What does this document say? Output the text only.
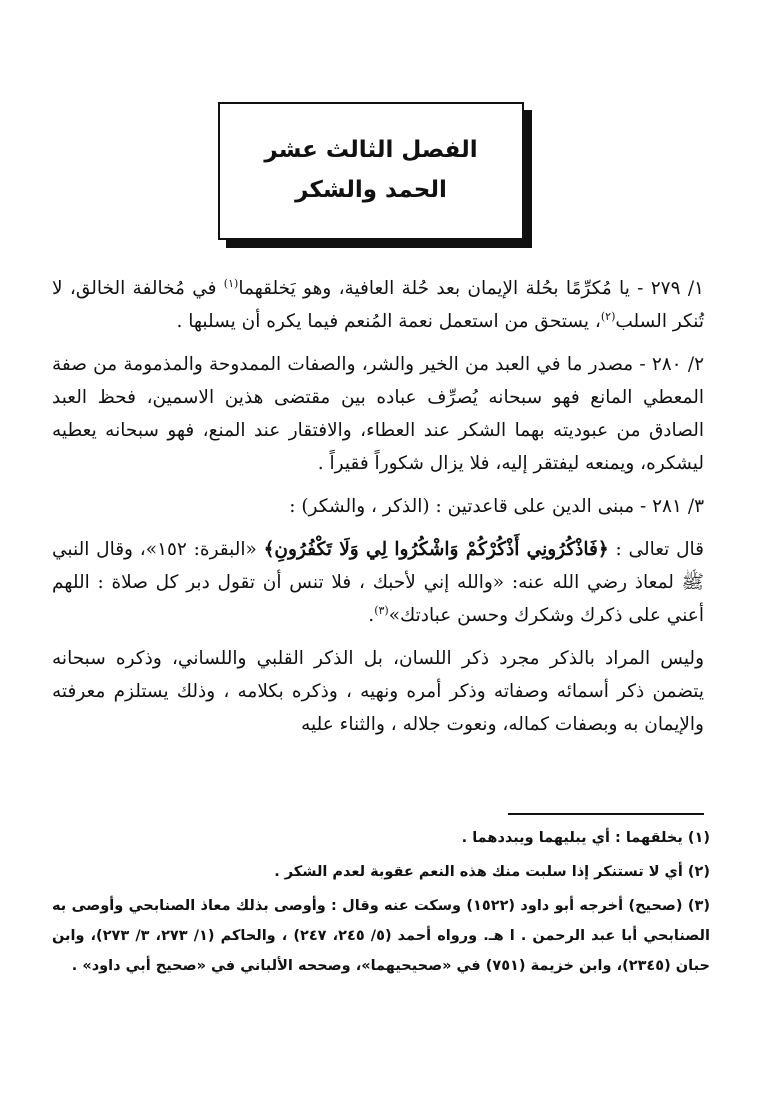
الفصل الثالث عشر
الحمد والشكر

١/ ٢٧٩ - يا مُكرِّمًا بحُلة الإيمان بعد حُلة العافية، وهو يَخلقهما$^{(١)}$ في مُخالفة الخالق، لا تُنكر السلب$^{(٢)}$، يستحق من استعمل نعمة المُنعم فيما يكره أن يسلبها .

٢/ ٢٨٠ - مصدر ما في العبد من الخير والشر، والصفات الممدوحة والمذمومة من صفة المعطي المانع فهو سبحانه يُصرِّف عباده بين مقتضى هذين الاسمين، فحظ العبد الصادق من عبوديته بهما الشكر عند العطاء، والافتقار عند المنع، فهو سبحانه يعطيه ليشكره، ويمنعه ليفتقر إليه، فلا يزال شكوراً فقيراً .

٣/ ٢٨١ - مبنى الدين على قاعدتين : (الذكر ، والشكر) :

قال تعالى : ﴿فَاذْكُرُونِي أَذْكُرْكُمْ وَاشْكُرُوا لِي وَلَا تَكْفُرُونِ﴾ «البقرة: ١٥٢»، وقال النبي ﷺ لمعاذ رضي الله عنه: «والله إني لأحبك ، فلا تنس أن تقول دبر كل صلاة : اللهم أعني على ذكرك وشكرك وحسن عبادتك»$^{(٣)}$.

وليس المراد بالذكر مجرد ذكر اللسان، بل الذكر القلبي واللساني، وذكره سبحانه يتضمن ذكر أسمائه وصفاته وذكر أمره ونهيه ، وذكره بكلامه ، وذلك يستلزم معرفته والإيمان به وبصفات كماله، ونعوت جلاله ، والثناء عليه

(١) يخلقهما : أي يبليهما ويبددهما .

(٢) أي لا تستنكر إذا سلبت منك هذه النعم عقوبة لعدم الشكر .

(٣) (صحيح) أخرجه أبو داود (١٥٢٢) وسكت عنه وقال : وأوصى بذلك معاذ الصنابحي وأوصى به الصنابحي أبا عبد الرحمن . ا هـ. ورواه أحمد (٥/ ٢٤٥، ٢٤٧) ، والحاكم (١/ ٢٧٣، ٣/ ٢٧٣)، وابن حبان (٢٣٤٥)، وابن خزيمة (٧٥١) في «صحيحيهما»، وصححه الألباني في «صحيح أبي داود» .
